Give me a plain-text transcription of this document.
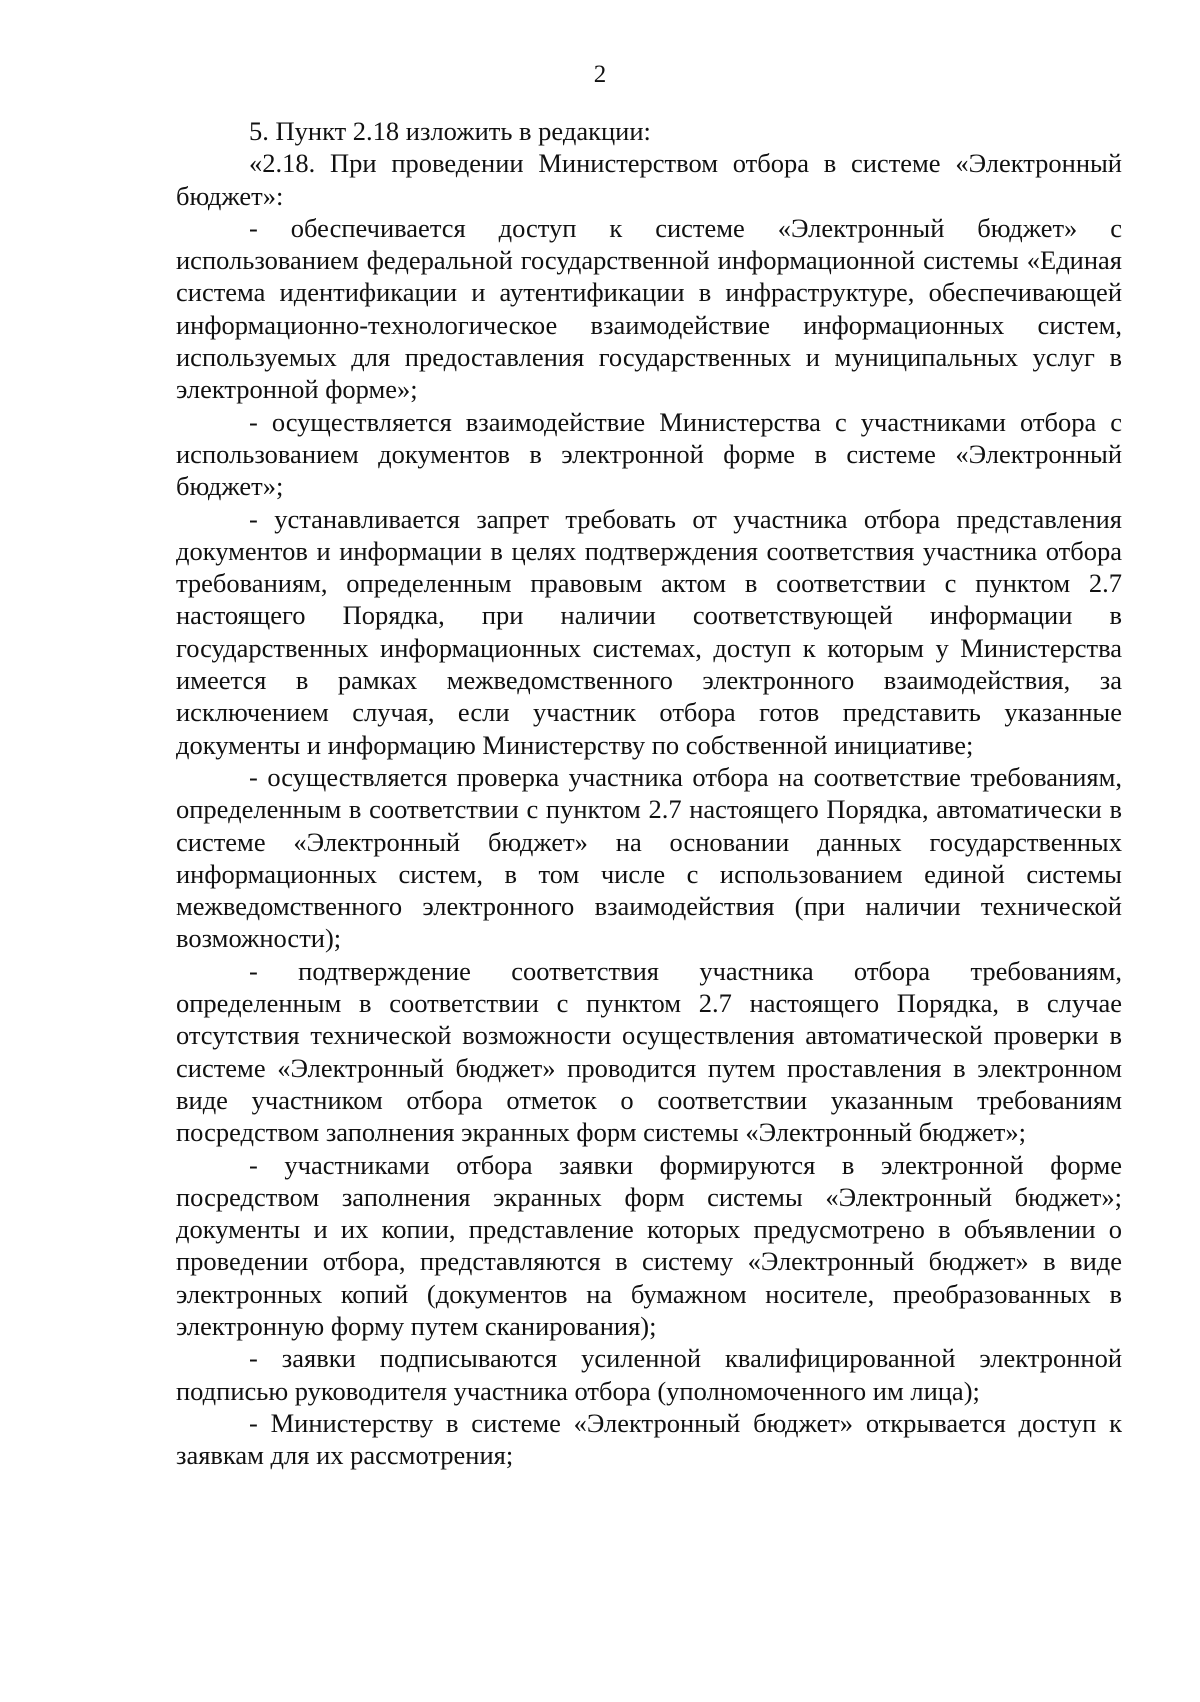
2

5. Пункт 2.18 изложить в редакции:

«2.18. При проведении Министерством отбора в системе «Электронный бюджет»:

- обеспечивается доступ к системе «Электронный бюджет» с использованием федеральной государственной информационной системы «Единая система идентификации и аутентификации в инфраструктуре, обеспечивающей информационно-технологическое взаимодействие информационных систем, используемых для предоставления государственных и муниципальных услуг в электронной форме»;

- осуществляется взаимодействие Министерства с участниками отбора с использованием документов в электронной форме в системе «Электронный бюджет»;

- устанавливается запрет требовать от участника отбора представления документов и информации в целях подтверждения соответствия участника отбора требованиям, определенным правовым актом в соответствии с пунктом 2.7 настоящего Порядка, при наличии соответствующей информации в государственных информационных системах, доступ к которым у Министерства имеется в рамках межведомственного электронного взаимодействия, за исключением случая, если участник отбора готов представить указанные документы и информацию Министерству по собственной инициативе;

- осуществляется проверка участника отбора на соответствие требованиям, определенным в соответствии с пунктом 2.7 настоящего Порядка, автоматически в системе «Электронный бюджет» на основании данных государственных информационных систем, в том числе с использованием единой системы межведомственного электронного взаимодействия (при наличии технической возможности);

- подтверждение соответствия участника отбора требованиям, определенным в соответствии с пунктом 2.7 настоящего Порядка, в случае отсутствия технической возможности осуществления автоматической проверки в системе «Электронный бюджет» проводится путем проставления в электронном виде участником отбора отметок о соответствии указанным требованиям посредством заполнения экранных форм системы «Электронный бюджет»;

- участниками отбора заявки формируются в электронной форме посредством заполнения экранных форм системы «Электронный бюджет»; документы и их копии, представление которых предусмотрено в объявлении о проведении отбора, представляются в систему «Электронный бюджет» в виде электронных копий (документов на бумажном носителе, преобразованных в электронную форму путем сканирования);

- заявки подписываются усиленной квалифицированной электронной подписью руководителя участника отбора (уполномоченного им лица);

- Министерству в системе «Электронный бюджет» открывается доступ к заявкам для их рассмотрения;
